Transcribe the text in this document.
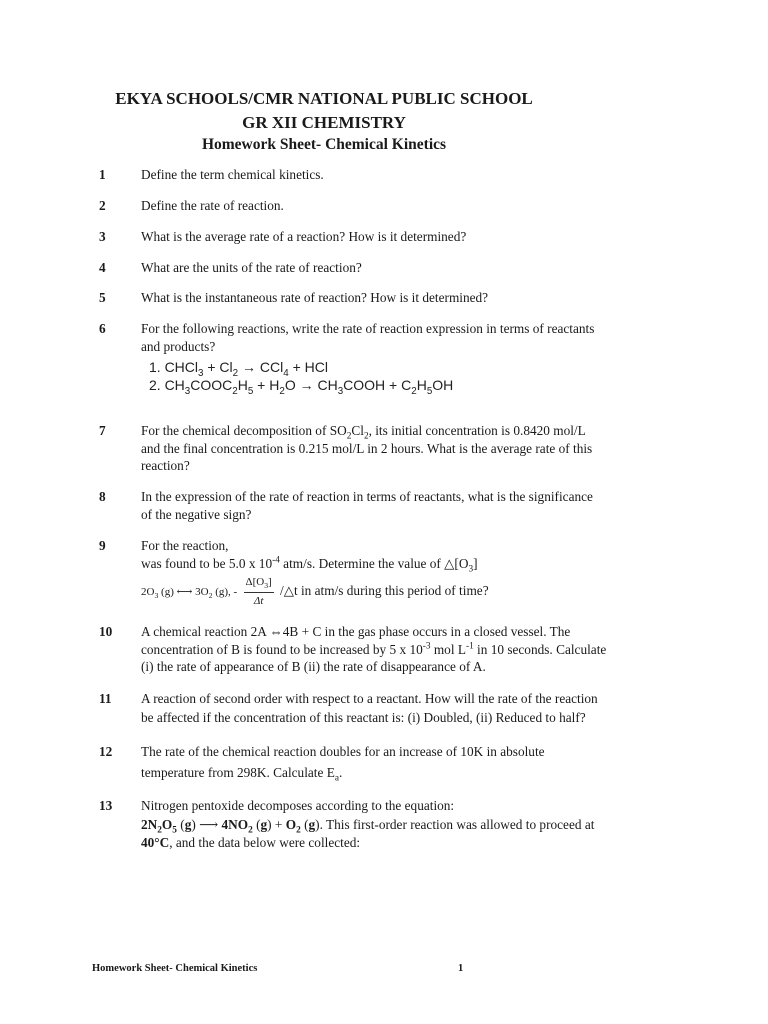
EKYA SCHOOLS/CMR NATIONAL PUBLIC SCHOOL
GR XII CHEMISTRY
Homework Sheet- Chemical Kinetics
1	Define the term chemical kinetics.
2	Define the rate of reaction.
3	What is the average rate of a reaction? How is it determined?
4	What are the units of the rate of reaction?
5	What is the instantaneous rate of reaction? How is it determined?
6	For the following reactions, write the rate of reaction expression in terms of reactants
and products?
1. CHCl$_3$ + $Cl_2 \to CCl_4$ + HCl
2. $CH_3COOC_2H_5 + H_2O$ → $CH_3COOH + C_2H_5OH$
7	For the chemical decomposition of $SO_2Cl_2$, its initial concentration is 0.8420 mol/L
and the final concentration is 0.215 mol/L in 2 hours. What is the average rate of this
reaction?
8	In the expression of the rate of reaction in terms of reactants, what is the significance
of the negative sign?
9	For the reaction,
was found to be 5.0 x $10^{-4}$ atm/s. Determine the value of $\triangle[O_3]$
$2O_3$ (g) ⟷ $3O_2$ (g), - $\frac{\Delta[O_3]}{\Delta t}$ /△t in atm/s during this period of time?
10 A chemical reaction 2A ⇔4B + C in the gas phase occurs in a closed vessel. The
concentration of B is found to be increased by 5 x $10^{-3}$ mol $L^{-1}$ in 10 seconds. Calculate
(i) the rate of appearance of B (ii) the rate of disappearance of A.
11 A reaction of second order with respect to a reactant. How will the rate of the reaction
be affected if the concentration of this reactant is: (i) Doubled, (ii) Reduced to half?
12 The rate of the chemical reaction doubles for an increase of 10K in absolute
temperature from 298K. Calculate $E_a$.
13 Nitrogen pentoxide decomposes according to the equation:
$2N_2O_5$ (g) ⟶ $4NO_2$ $(g) + O_2$ (g). This first-order reaction was allowed to proceed at
40°C, and the data below were collected:
Homework Sheet- Chemical Kinetics	1
